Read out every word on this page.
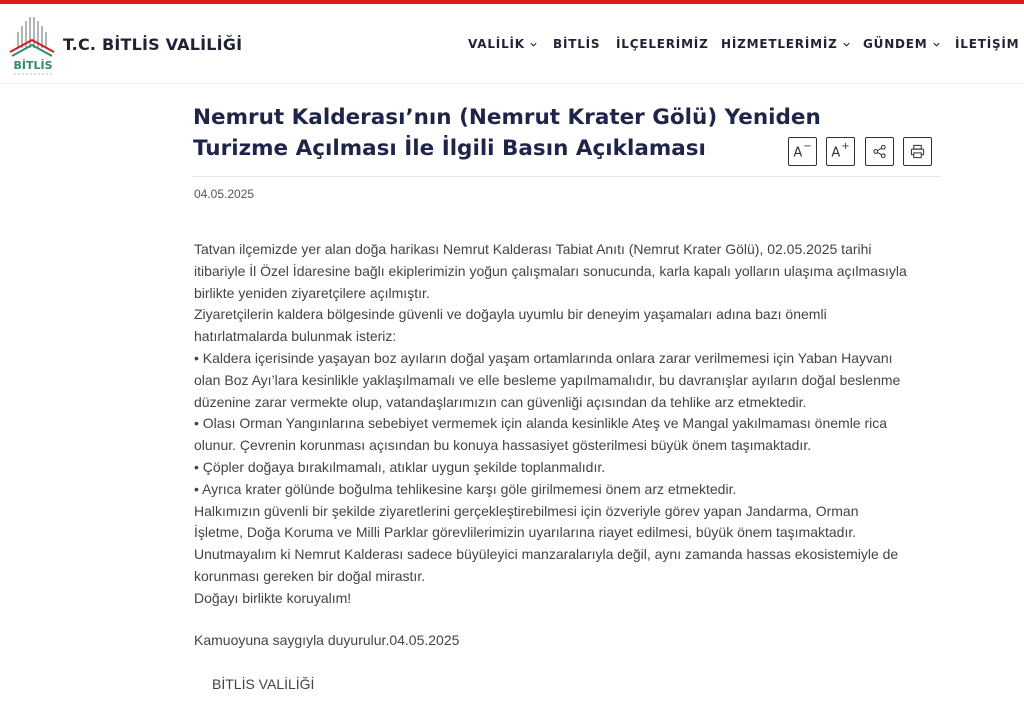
BİTLİS
T.C. BİTLİS VALİLİĞİ	VALİLİK BİTLİS İLÇELERİMİZ HİZMETLERİMİZ GÜNDEM İLETİŞİM
Nemrut Kalderası’nın (Nemrut Krater Gölü) Yeniden
Turizme Açılması İle İlgili Basın Açıklaması	A− A+
04.05.2025

Tatvan ilçemizde yer alan doğa harikası Nemrut Kalderası Tabiat Anıtı (Nemrut Krater Gölü), 02.05.2025 tarihi

itibariyle İl Özel İdaresine bağlı ekiplerimizin yoğun çalışmaları sonucunda, karla kapalı yolların ulaşıma açılmasıyla

birlikte yeniden ziyaretçilere açılmıştır.

Ziyaretçilerin kaldera bölgesinde güvenli ve doğayla uyumlu bir deneyim yaşamaları adına bazı önemli

hatırlatmalarda bulunmak isteriz:

• Kaldera içerisinde yaşayan boz ayıların doğal yaşam ortamlarında onlara zarar verilmemesi için Yaban Hayvanı

olan Boz Ayı’lara kesinlikle yaklaşılmamalı ve elle besleme yapılmamalıdır, bu davranışlar ayıların doğal beslenme

düzenine zarar vermekte olup, vatandaşlarımızın can güvenliği açısından da tehlike arz etmektedir.

• Olası Orman Yangınlarına sebebiyet vermemek için alanda kesinlikle Ateş ve Mangal yakılmaması önemle rica

olunur. Çevrenin korunması açısından bu konuya hassasiyet gösterilmesi büyük önem taşımaktadır.

• Çöpler doğaya bırakılmamalı, atıklar uygun şekilde toplanmalıdır.

• Ayrıca krater gölünde boğulma tehlikesine karşı göle girilmemesi önem arz etmektedir.

Halkımızın güvenli bir şekilde ziyaretlerini gerçekleştirebilmesi için özveriyle görev yapan Jandarma, Orman

İşletme, Doğa Koruma ve Milli Parklar görevlilerimizin uyarılarına riayet edilmesi, büyük önem taşımaktadır.

Unutmayalım ki Nemrut Kalderası sadece büyüleyici manzaralarıyla değil, aynı zamanda hassas ekosistemiyle de

korunması gereken bir doğal mirastır.

Doğayı birlikte koruyalım!

Kamuoyuna saygıyla duyurulur.04.05.2025
BİTLİS VALİLİĞİ
